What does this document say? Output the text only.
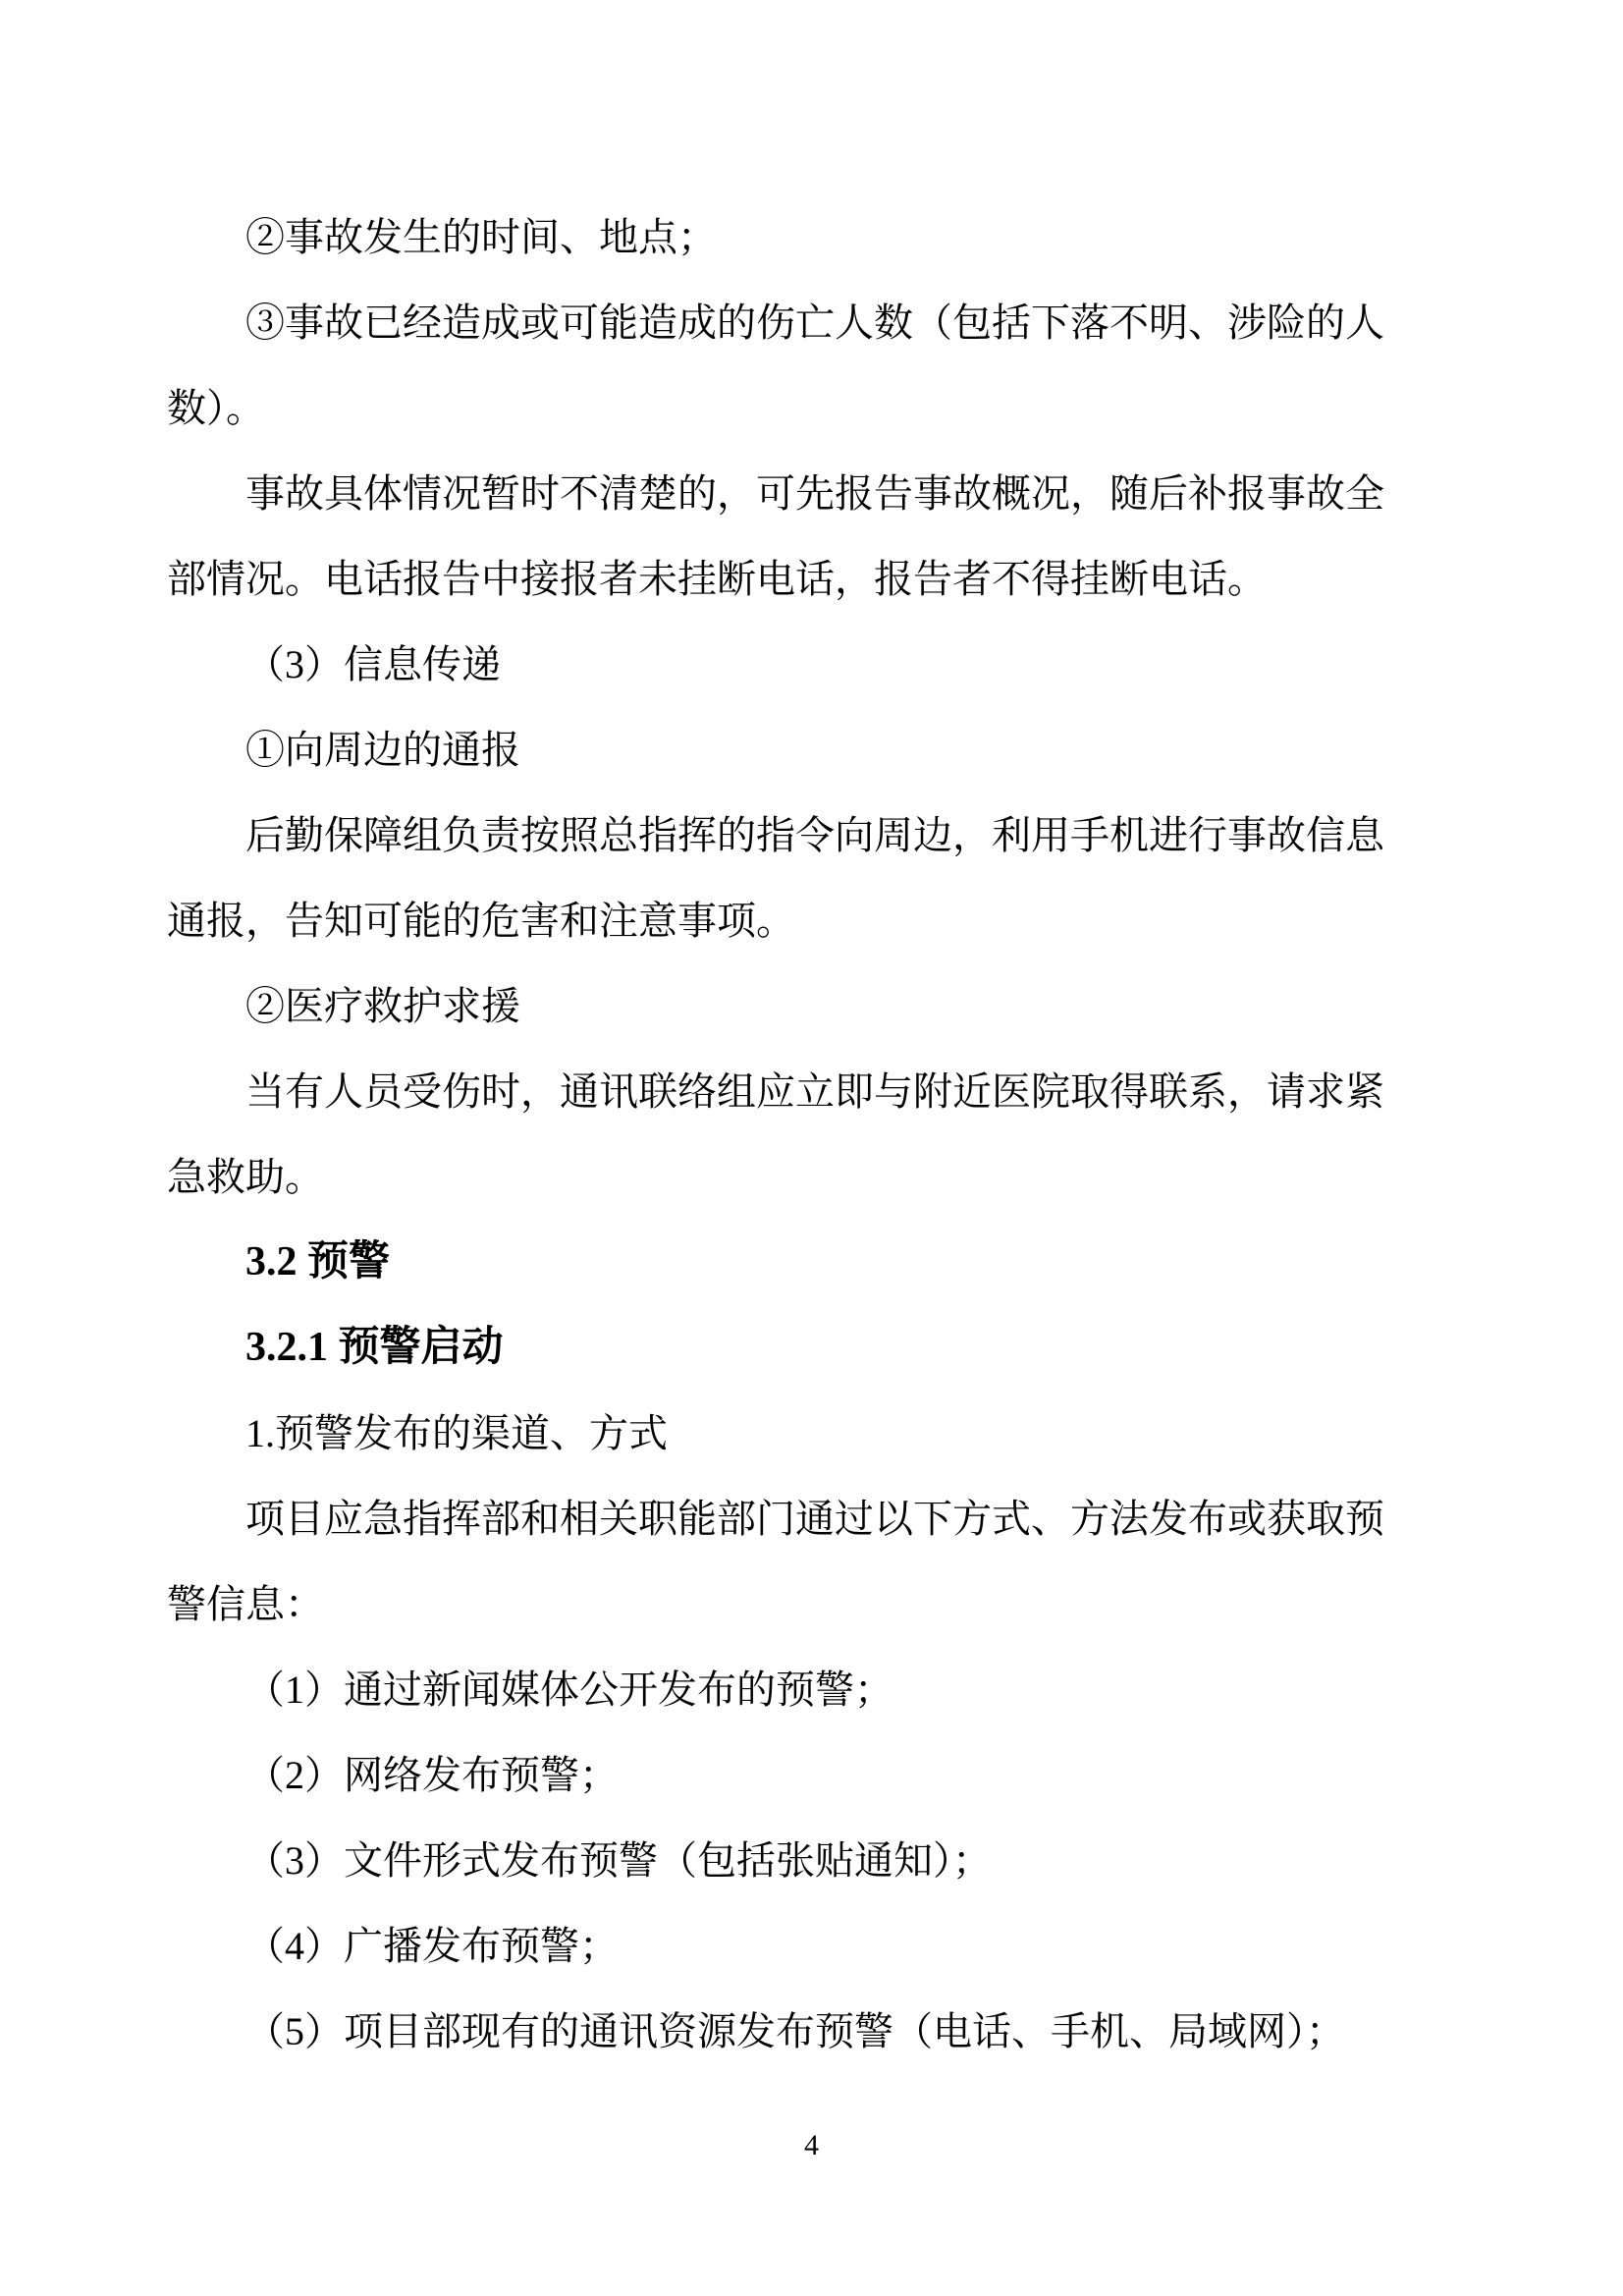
②事故发生的时间、地点；
③事故已经造成或可能造成的伤亡人数（包括下落不明、涉险的人
数）。
事故具体情况暂时不清楚的，可先报告事故概况，随后补报事故全
部情况。电话报告中接报者未挂断电话，报告者不得挂断电话。
（3）信息传递
①向周边的通报
后勤保障组负责按照总指挥的指令向周边，利用手机进行事故信息
通报，告知可能的危害和注意事项。
②医疗救护求援
当有人员受伤时，通讯联络组应立即与附近医院取得联系，请求紧
急救助。
3.2 预警
3.2.1 预警启动
1.预警发布的渠道、方式
项目应急指挥部和相关职能部门通过以下方式、方法发布或获取预
警信息：
（1）通过新闻媒体公开发布的预警；
（2）网络发布预警；
（3）文件形式发布预警（包括张贴通知）；
（4）广播发布预警；
（5）项目部现有的通讯资源发布预警（电话、手机、局域网）；
4
